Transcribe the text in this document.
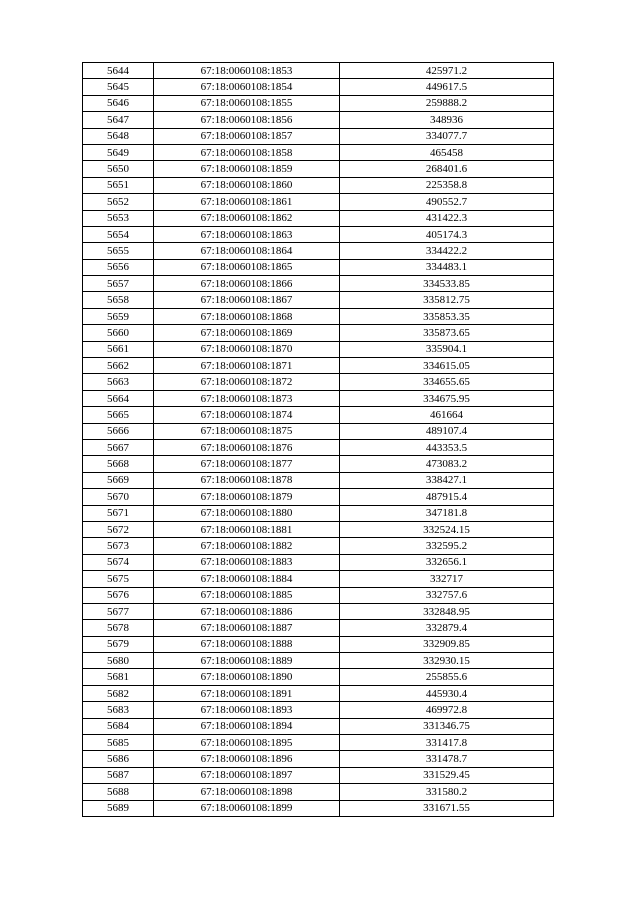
5644	67:18:0060108:1853	425971.2
5645	67:18:0060108:1854	449617.5
5646	67:18:0060108:1855	259888.2
5647	67:18:0060108:1856	348936
5648	67:18:0060108:1857	334077.7
5649	67:18:0060108:1858	465458
5650	67:18:0060108:1859	268401.6
5651	67:18:0060108:1860	225358.8
5652	67:18:0060108:1861	490552.7
5653	67:18:0060108:1862	431422.3
5654	67:18:0060108:1863	405174.3
5655	67:18:0060108:1864	334422.2
5656	67:18:0060108:1865	334483.1
5657	67:18:0060108:1866	334533.85
5658	67:18:0060108:1867	335812.75
5659	67:18:0060108:1868	335853.35
5660	67:18:0060108:1869	335873.65
5661	67:18:0060108:1870	335904.1
5662	67:18:0060108:1871	334615.05
5663	67:18:0060108:1872	334655.65
5664	67:18:0060108:1873	334675.95
5665	67:18:0060108:1874	461664
5666	67:18:0060108:1875	489107.4
5667	67:18:0060108:1876	443353.5
5668	67:18:0060108:1877	473083.2
5669	67:18:0060108:1878	338427.1
5670	67:18:0060108:1879	487915.4
5671	67:18:0060108:1880	347181.8
5672	67:18:0060108:1881	332524.15
5673	67:18:0060108:1882	332595.2
5674	67:18:0060108:1883	332656.1
5675	67:18:0060108:1884	332717
5676	67:18:0060108:1885	332757.6
5677	67:18:0060108:1886	332848.95
5678	67:18:0060108:1887	332879.4
5679	67:18:0060108:1888	332909.85
5680	67:18:0060108:1889	332930.15
5681	67:18:0060108:1890	255855.6
5682	67:18:0060108:1891	445930.4
5683	67:18:0060108:1893	469972.8
5684	67:18:0060108:1894	331346.75
5685	67:18:0060108:1895	331417.8
5686	67:18:0060108:1896	331478.7
5687	67:18:0060108:1897	331529.45
5688	67:18:0060108:1898	331580.2
5689	67:18:0060108:1899	331671.55
